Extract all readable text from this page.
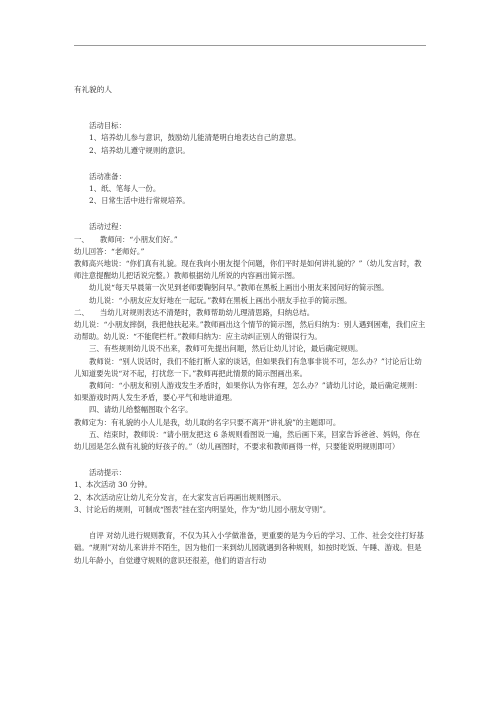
有礼貌的人
活动目标：
1、培养幼儿参与意识，鼓励幼儿能清楚明白地表达自己的意思。
2、培养幼儿遵守规则的意识。
活动准备：
1、纸、笔每人一份。
2、日常生活中进行常规培养。
活动过程：
一、　　教师问：“小朋友们好。”
幼儿回答：“老师好。”
教师高兴地说：“你们真有礼貌。现在我向小朋友提个问题，你们平时是如何讲礼貌的？”（幼儿发言时，教师注意提醒幼儿把话说完整。）教师根据幼儿所说的内容画出简示图。
幼儿说“每天早晨第一次见到老师要鞠躬问早。”教师在黑板上画出小朋友来园问好的简示图。
幼儿说：“小朋友应友好地在一起玩。”教师在黑板上画出小朋友手拉手的简示图。
二、　　当幼儿对规则表达不清楚时，教师帮助幼儿理清思路，归纳总结。
幼儿说：“小朋友摔倒，我把他扶起来。”教师画出这个情节的简示图，然后归纳为：别人遇到困难，我们应主动帮助。幼儿说：“不能爬栏杆。”教师归纳为：应主动纠正别人的错误行为。
三、有些规则幼儿说不出来，教师可先提出问题，然后让幼儿讨论，最后确定规则。
教师说：“别人说话时，我们不能打断人家的谈话，但如果我们有急事非说不可，怎么办？”讨论后让幼儿知道要先说“对不起，打扰您一下。”教师再把此情景的简示图画出来。
教师问：“小朋友和别人游戏发生矛盾时，如果你认为你有理，怎么办？”请幼儿讨论，最后确定规则：如果游戏时两人发生矛盾，要心平气和地讲道理。
四、请幼儿给整幅图取个名字。
教师定为：有礼貌的小人儿是我，幼儿取的名字只要不离开“讲礼貌”的主题即可。
五、结束时，教师说：“请小朋友把这 6 条规则看图说一遍，然后画下来，回家告诉爸爸、妈妈，你在幼儿园是怎么做有礼貌的好孩子的。”（幼儿画图时，不要求和教师画得一样，只要能说明规则即可）
活动提示：
1、本次活动 30 分钟。
2、本次活动应让幼儿充分发言，在大家发言后再画出规则图示。
3、讨论后的规则，可制成“图表”挂在室内明显处，作为“幼儿园小朋友守则”。
自评 对幼儿进行规则教育，不仅为其入小学做准备，更重要的是为今后的学习、工作、社会交往打好基础。“规则”对幼儿来讲并不陌生，因为他们一来到幼儿园就遇到各种规则，如按时吃饭、午睡、游戏。但是幼儿年龄小，自觉遵守规则的意识还很差，他们的语言行动
